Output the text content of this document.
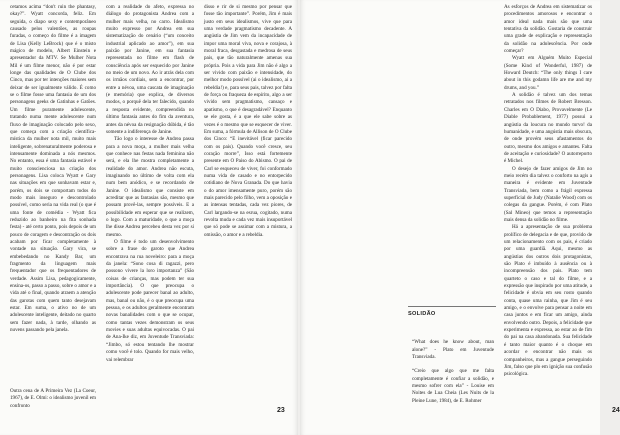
cetamos acima “don't ruin the phantasy, okay?”. Wyatt concorda, feliz. Em seguida, o diapo sexy e contemporâneo causado pelos valentões, as roupas furadas, o começo do filme é a imagem de Lisa (Kelly LeBrock) que é o misto mágico de modelo, Albert Einstein e apresentador da MTV. Se Mulher Nota Mil é um filme menor, não é por estar longe das qualidades de O Clube dos Cinco, mas por ter intenções maiores sem deixar de ser igualmente válido. É como se o filme fosse uma fantasia de um dos personagens geeks de Gatinhas e Gatões. Um filme puramente adolescente, tratando numa mente adolescente num fluxo de imaginação colocado pelo sexo, que começa com a criação científica-mística da mulher nota mil, muito mais inteligente, sobrenaturalmente poderosa e intensamente dominada a nós mesmos. No entanto, essa é uma fantasia estável e muito conscienciosa na criação dos personagens. Lisa coloca Wyatt e Gary nas situações em que sonhavam estar e, porém, os dois se comportam todos do modo mais inseguro e descontrolado possível, como seria na vida real (o que é uma fonte de comédia - Wyatt fica reduzido ao banheiro na fita sonhada festa) - até certo ponto, pois depois de um pouco de coragem e descontração os dois acabam por ficar completamente à vontade na situação. Gary vira, se embebedando no Kandy Bar, um fragmento da linguagem mais frequentador que os frequentadores de verdade. Assim Lisa, pedagogicamente, ensina-os, passo a passo, sobre o amor e a vida até o final, quando atraem a atenção das garotas com quem tanto desejavam estar. Em suma, o ativo no de um adolescente inteligente, deitado no quarto sem fazer nada, à tarde, olhando as nuvens passando pela janela.

Outra cena de A Primeira Vez (La Coeur, 1967), de E. Olmi: o idealismo juvenil em confronto

com a realidade do afeto, expressa no diálogo do protagonista Andrea com a mulher mais velha, no carro. Idealismo muito expresso por Andrea em sua sistematização do cenário (“um conceito industrial aplicado ao amor”), em sua paixão por Janine, em sua fantasia representada no filme em flash de consciência após ser esquecido por Janine no meio de um novo. Ao ir atrás dela com os irmãos cordiais, sem a encontrar, por entre a névoa, uma cascata de imaginação (e memória) que explica, de diversos modos, o porquê dela ter falecido, quando a resposta evidente, compreendida no último fantasia antes do fim da aventura, antes da névoa da resignação dúbida, é tão somente a indiferença de Janine.

Tão logo o interesse de Andrea passa para a nova moça, a mulher mais velha que conhece nas festas nada feminina não será, e ela lhe mostra completamente a realidade do amor. Andrea não escuta, imaginando no último de volta com ela num bem anódico, e se recordando de Janine. O idealismo que consiste em acreditar que as fantasias são, mesmo que possam provê-las, sempre possíveis. E a possibilidade em esperar que se realizem, o logo. Com a maturidade, o que a moça lhe disse Andrea percebeu desta vez por si mesmo.

O filme é todo um desenvolvimento sobre a frase do garoto que Andrea encontrava na rua noveleiro: para a moça da janela: “Sono cosa di ragazzi, pero possono vivere la loro importanza” (São coisas de crianças, mas podem ter sua importância). O que preocupa o adolescente pode parecer banal ao adulto, mas, banal ou não, é o que preocupa uma pessoa, e os adultos geralmente encontram novas banalidades com o que se ocupar, como tantas vezes demonstram os seus movies e suas adultas equivocadas. O pai de Ana-Ike diz, em Juventude Transviada: “Jimbo, só estou tentando lhe mostrar como você é tolo. Quando for mais velho, vai relembrar

disso e rir de si mesmo por pensar que fosse tão importante”. Porém, Jim é mais justo em seus idealismos, vive que para uma verdade pragmatismo decadente. A angústia de Jim vem da incapacidade de impor uma moral viva, nova e corajosa, à moral fraca, desgastada e medrosa de seus pais, que tão naturalmente amenas sua própria. Pois a vida para Jim não é algo a ser vivido com paixão e intensidade, do melhor modo possível (ai o idealismo, ai a rebeldia!) e, para seus pais, talvez por falta de força ou fraqueza de espírito, algo a ser vivido sem pragmatismo, cansaço e apatismo, o que é desagradável? Enquanto se ele gosta, é a que ele sabe sobre as vezes é o mesmo que se esquecer de viver. Em suma, a fórmula de Allison de O Clube dos Cinco: “E inevitável (ficar parecido com os pais). Quando você cresce, seu coração morre”, Isso está fortemente presente em O Paiso do Abismo. O pai de Carl se esqueceu de viver, foi conformado numa vida de casado e no entorpecido cotidiano de Nova Granada. Do que havia o do amor imensamente puro, porém são mais parecido pelo filho, vem a oposição e as intensas tentadas, cada vez piores, de Carl largando-se na esrua, cogitado, numa revolta muda e cada vez mais insuportável que só pode se assimar com a mistura, a omissão, o amor e a rebeldia.

23
SOLIDÃO

“What does he know about, man alone?” - Plato em Juventude Transviada.

“Creio que algo que me falta completamente é confiar a solidão, e mesmo sofrer com ela” - Louise em Noites de Lua Cheia (Les Nuits de la Pleine Lune, 1984), de E. Rohmer

As esforços de Andrea em sistematizar os procedimentos amorosos e encontrar o amor ideal nada mais são que uma tentativa da solidão. Gostaria de construir uma grade de explicação e representação da solidão na adolescência. Por onde começar?

Wyatt em Alguém Muito Especial (Some Kind of Wonderful, 1987) de Howard Deutch: “The only things I care about in this godamn life are me and my drums, and you.”

A solidão é talvez um dos temas retratados nos filmes de Robert Bresson. Charles em O Diabo, Provavelmente (Le Diable Probablement, 1977) possui a angústia da loucura no mundo turvo! da humanidade, e uma angústia mais obscura, de onde provém seus afastamentos do outro, mesmo dos amigos e amantes. Falta de aceitação e curiosidade? O autorreporto é Michel.

O desejo de fazer amigos de Jim no meio recém dia talvez o conforto na agis a maneira é evidente em Juventude Transviada, bem como a frágil expressa superficial de Judy (Natalie Wood) com os colegas da gangue. Porém, é com Plato (Sal Mineo) que temos a representação mais densa da solidão no filme.

Há a apresentação de sua problema prolífico de delegacia e de que, provido de um relacionamento com os pais, é criado por uma guardiã. Aqui, mesmo as angústias dos outros dois protagonistas, são Plato é imbuído à ausência ou à incompreensão dos pais. Plato tem quarteto o caso e tal do filme, e a expressão que inspirado por uma atitude, a felicidade é obvia em seu rosto quando conta, quase uma rainha, que Jim é seu amigo, e o envolve para pensar a noite em casa juntos e em ficar um amigo, ainda envolvendo outro. Depois, a felicidade que experimenta e expressa, ao estar ao de fim do pai na casa abandonada. Sua felicidade é tanto maior quanto é o choque em acordar e encontrar não mais os companheiros, mas a gangue perseguindo Jim, falso que plo em ignição sua confusão psicológica.

24
